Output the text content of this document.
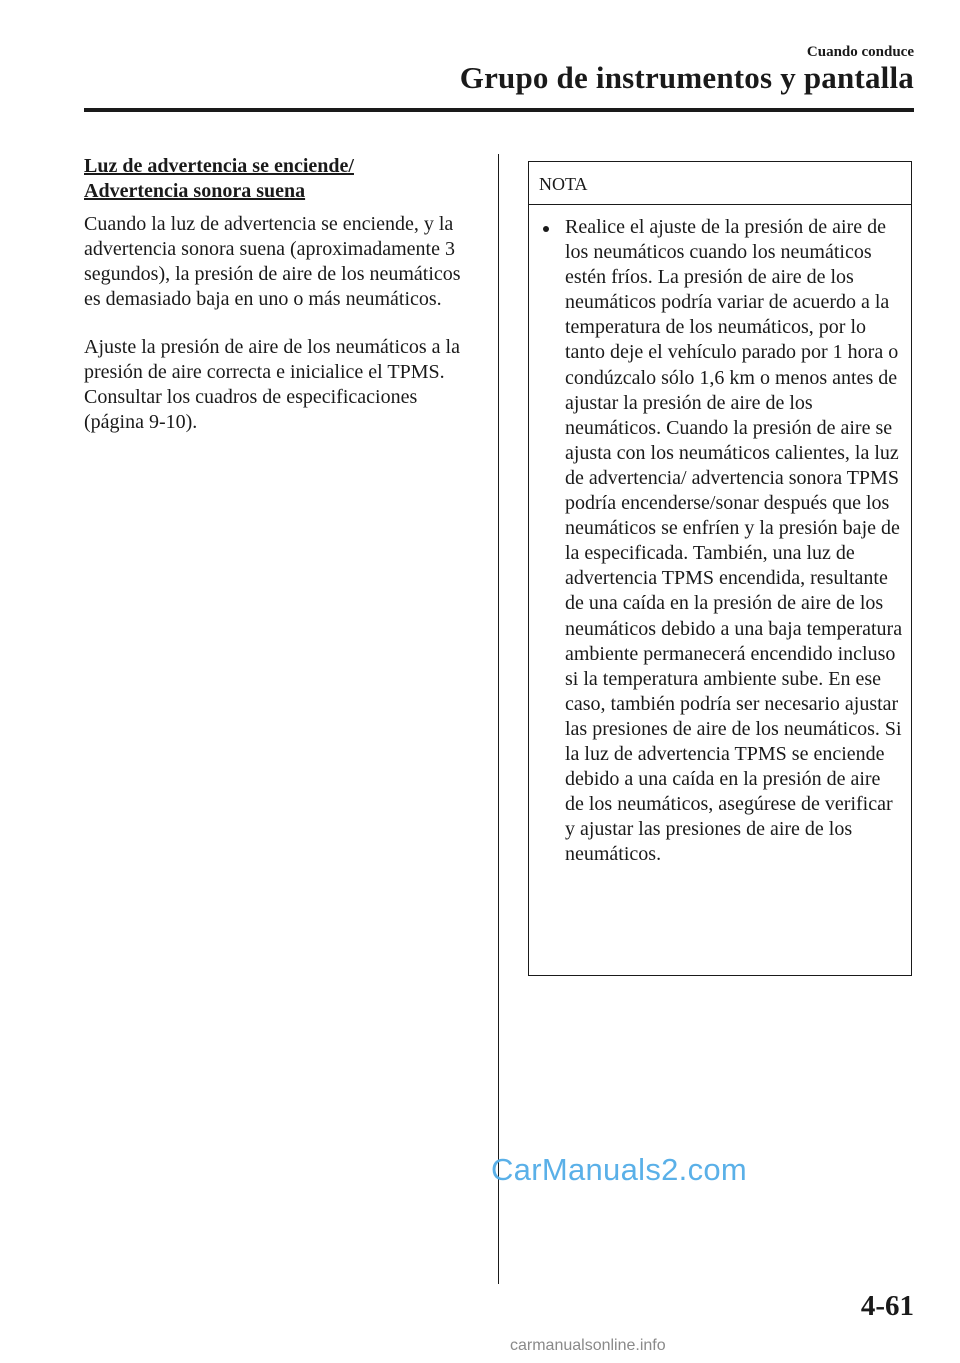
Cuando conduce
Grupo de instrumentos y pantalla
Luz de advertencia se enciende/
Advertencia sonora suena

Cuando la luz de advertencia se enciende, y la advertencia sonora suena (aproximadamente 3 segundos), la presión de aire de los neumáticos es demasiado baja en uno o más neumáticos.

Ajuste la presión de aire de los neumáticos a la presión de aire correcta e inicialice el TPMS. Consultar los cuadros de especificaciones (página 9-10).

NOTA
Realice el ajuste de la presión de aire de los neumáticos cuando los neumáticos estén fríos. La presión de aire de los neumáticos podría variar de acuerdo a la temperatura de los neumáticos, por lo tanto deje el vehículo parado por 1 hora o condúzcalo sólo 1,6 km o menos antes de ajustar la presión de aire de los neumáticos. Cuando la presión de aire se ajusta con los neumáticos calientes, la luz de advertencia/ advertencia sonora TPMS podría encenderse/sonar después que los neumáticos se enfríen y la presión baje de la especificada. También, una luz de advertencia TPMS encendida, resultante de una caída en la presión de aire de los neumáticos debido a una baja temperatura ambiente permanecerá encendido incluso si la temperatura ambiente sube. En ese caso, también podría ser necesario ajustar las presiones de aire de los neumáticos. Si la luz de advertencia TPMS se enciende debido a una caída en la presión de aire de los neumáticos, asegúrese de verificar y ajustar las presiones de aire de los neumáticos.
CarManuals2.com
4-61
carmanualsonline.info
